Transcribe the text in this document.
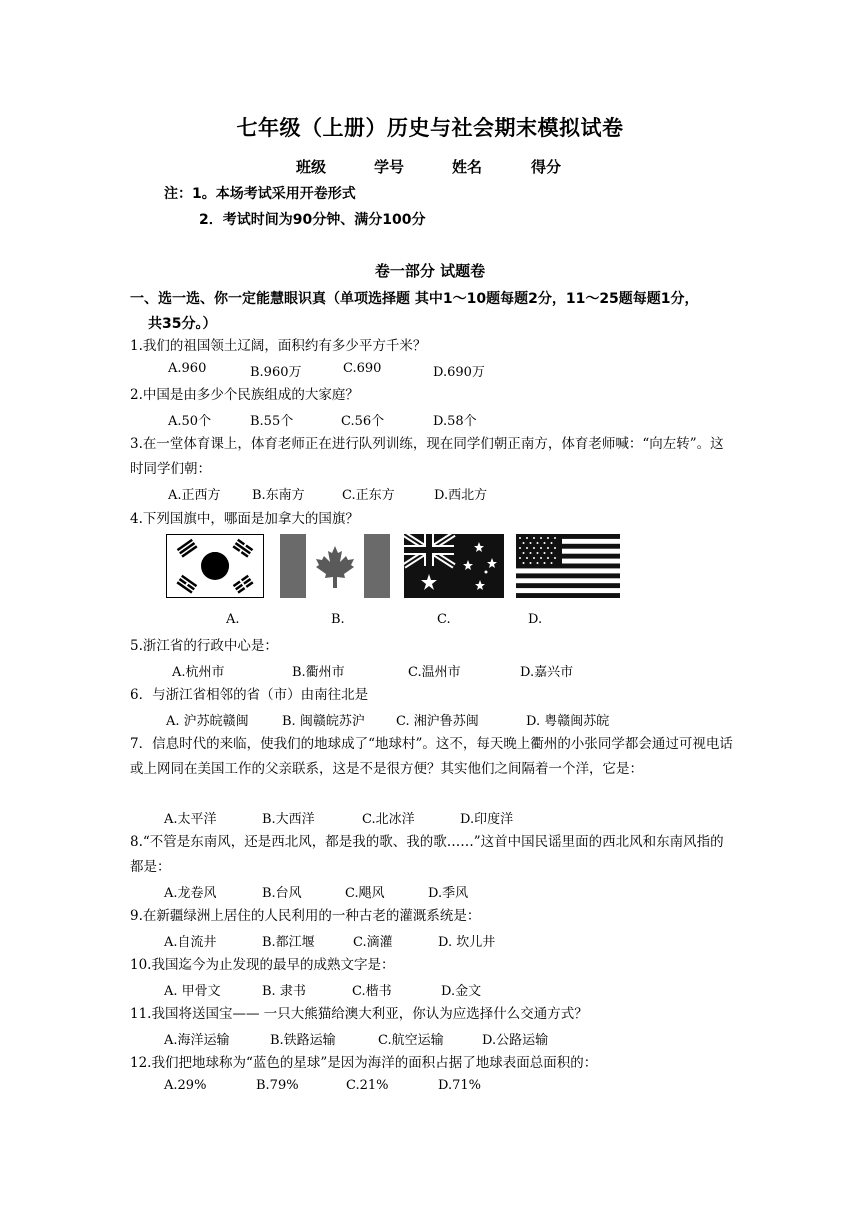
七年级（上册）历史与社会期末模拟试卷
班级	学号	姓名	得分
注：1。本场考试采用开卷形式
2．考试时间为90分钟、满分100分
卷一部分 试题卷
一、选一选、你一定能慧眼识真（单项选择题 其中1～10题每题2分，11～25题每题1分，
共35分。）
1.我们的祖国领土辽阔，面积约有多少平方千米？
A.960	B.960万	C.690	D.690万
2.中国是由多少个民族组成的大家庭？
A.50个	B.55个	C.56个	D.58个
3.在一堂体育课上，体育老师正在进行队列训练，现在同学们朝正南方，体育老师喊：“向左转”。这时同学们朝：
A.正西方 B.东南方	C.正东方	D.西北方
4.下列国旗中，哪面是加拿大的国旗？
A.	B.	C.	D.
5.浙江省的行政中心是：
A.杭州市	B.衢州市	C.温州市	D.嘉兴市
6．与浙江省相邻的省（市）由南往北是
A. 沪苏皖赣闽	B. 闽赣皖苏沪 C. 湘沪鲁苏闽	D. 粤赣闽苏皖
7．信息时代的来临，使我们的地球成了“地球村”。这不，每天晚上衢州的小张同学都会通过可视电话或上网同在美国工作的父亲联系，这是不是很方便？其实他们之间隔着一个洋，它是：
A.太平洋	B.大西洋	C.北冰洋	D.印度洋
8.“不管是东南风，还是西北风，都是我的歌、我的歌……”这首中国民谣里面的西北风和东南风指的都是：
A.龙卷风	B.台风	C.飓风	D.季风
9.在新疆绿洲上居住的人民利用的一种古老的灌溉系统是：
A.自流井	B.都江堰	C.滴灌	D. 坎儿井
10.我国迄今为止发现的最早的成熟文字是：
A. 甲骨文	B. 隶书	C.楷书	D.金文
11.我国将送国宝—— 一只大熊猫给澳大利亚，你认为应选择什么交通方式？
A.海洋运输	B.铁路运输	C.航空运输	D.公路运输
12.我们把地球称为“蓝色的星球”是因为海洋的面积占据了地球表面总面积的：
A.29%	B.79%	C.21%	D.71%
